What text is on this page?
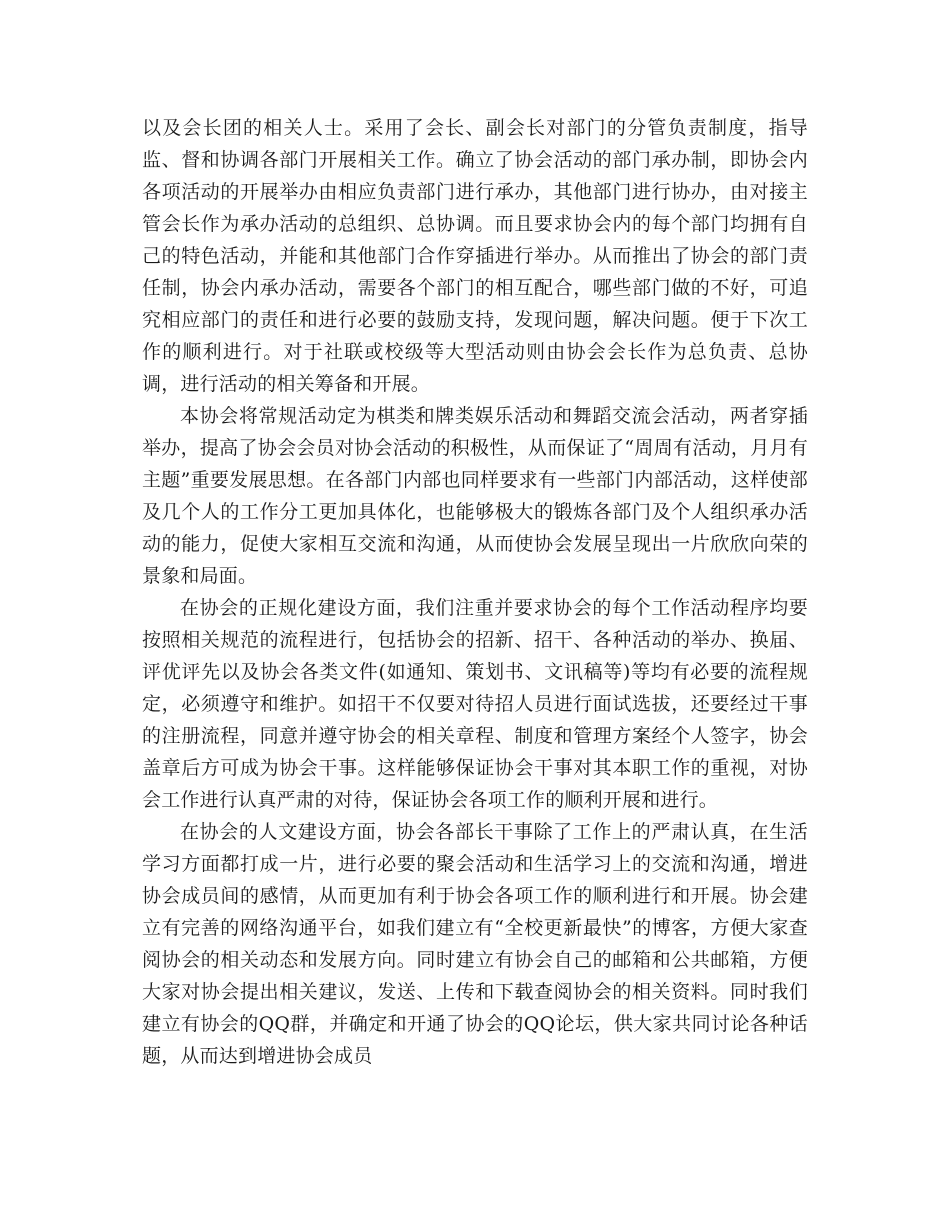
以及会长团的相关人士。采用了会长、副会长对部门的分管负责制度，指导监、督和协调各部门开展相关工作。确立了协会活动的部门承办制，即协会内各项活动的开展举办由相应负责部门进行承办，其他部门进行协办，由对接主管会长作为承办活动的总组织、总协调。而且要求协会内的每个部门均拥有自己的特色活动，并能和其他部门合作穿插进行举办。从而推出了协会的部门责任制，协会内承办活动，需要各个部门的相互配合，哪些部门做的不好，可追究相应部门的责任和进行必要的鼓励支持，发现问题，解决问题。便于下次工作的顺利进行。对于社联或校级等大型活动则由协会会长作为总负责、总协调，进行活动的相关筹备和开展。

本协会将常规活动定为棋类和牌类娱乐活动和舞蹈交流会活动，两者穿插举办，提高了协会会员对协会活动的积极性，从而保证了“周周有活动，月月有主题”重要发展思想。在各部门内部也同样要求有一些部门内部活动，这样使部及几个人的工作分工更加具体化，也能够极大的锻炼各部门及个人组织承办活动的能力，促使大家相互交流和沟通，从而使协会发展呈现出一片欣欣向荣的景象和局面。

在协会的正规化建设方面，我们注重并要求协会的每个工作活动程序均要按照相关规范的流程进行，包括协会的招新、招干、各种活动的举办、换届、评优评先以及协会各类文件(如通知、策划书、文讯稿等)等均有必要的流程规定，必须遵守和维护。如招干不仅要对待招人员进行面试选拔，还要经过干事的注册流程，同意并遵守协会的相关章程、制度和管理方案经个人签字，协会盖章后方可成为协会干事。这样能够保证协会干事对其本职工作的重视，对协会工作进行认真严肃的对待，保证协会各项工作的顺利开展和进行。

在协会的人文建设方面，协会各部长干事除了工作上的严肃认真，在生活学习方面都打成一片，进行必要的聚会活动和生活学习上的交流和沟通，增进协会成员间的感情，从而更加有利于协会各项工作的顺利进行和开展。协会建立有完善的网络沟通平台，如我们建立有“全校更新最快”的博客，方便大家查阅协会的相关动态和发展方向。同时建立有协会自己的邮箱和公共邮箱，方便大家对协会提出相关建议，发送、上传和下载查阅协会的相关资料。同时我们建立有协会的QQ群，并确定和开通了协会的QQ论坛，供大家共同讨论各种话题，从而达到增进协会成员
